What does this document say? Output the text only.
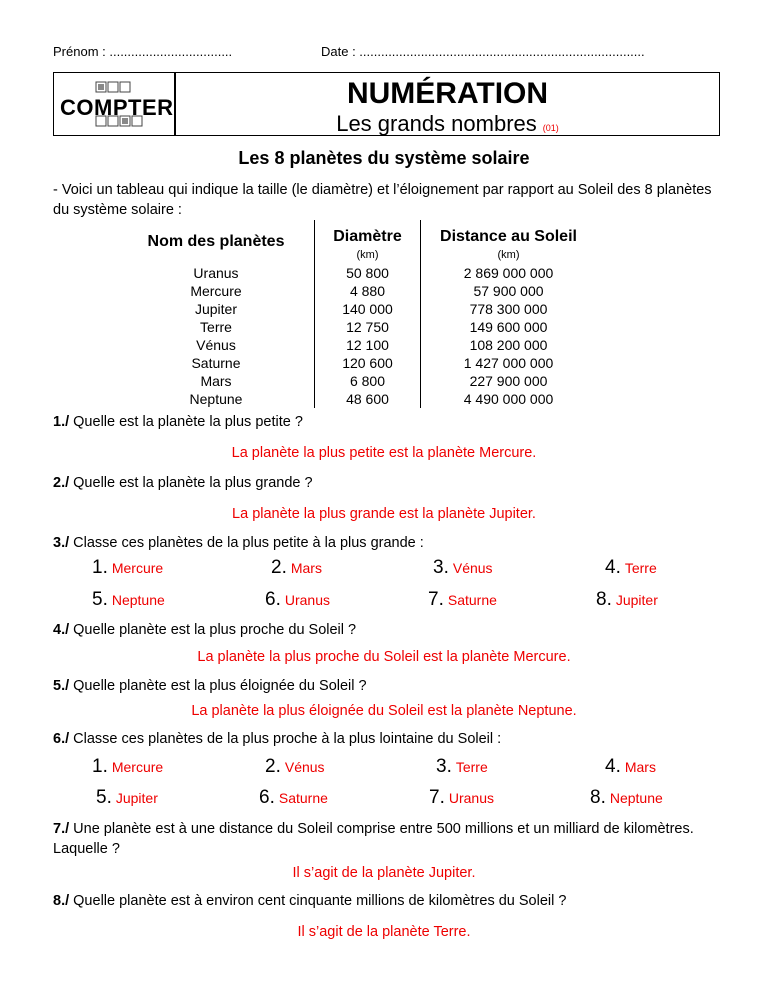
Prénom : ..................................	Date : ...............................................................................
COMPTER	NUMÉRATION
Les grands nombres (01)
Les 8 planètes du système solaire
- Voici un tableau qui indique la taille (le diamètre) et l’éloignement par rapport au Soleil des 8 planètes du système solaire :
Nom des planètes	Diamètre	Distance au Soleil
	(km)	(km)
Uranus	50 800	2 869 000 000
Mercure	4 880	57 900 000
Jupiter	140 000	778 300 000
Terre	12 750	149 600 000
Vénus	12 100	108 200 000
Saturne	120 600	1 427 000 000
Mars	6 800	227 900 000
Neptune	48 600	4 490 000 000
1./ Quelle est la planète la plus petite ?
La planète la plus petite est la planète Mercure.
2./ Quelle est la planète la plus grande ?
La planète la plus grande est la planète Jupiter.
3./ Classe ces planètes de la plus petite à la plus grande :
1. Mercure	2. Mars	3. Vénus	4. Terre
5. Neptune	6. Uranus	7. Saturne	8. Jupiter
4./ Quelle planète est la plus proche du Soleil ?
La planète la plus proche du Soleil est la planète Mercure.
5./ Quelle planète est la plus éloignée du Soleil ?
La planète la plus éloignée du Soleil est la planète Neptune.
6./ Classe ces planètes de la plus proche à la plus lointaine du Soleil :
1. Mercure	2. Vénus	3. Terre	4. Mars
5. Jupiter	6. Saturne	7. Uranus	8. Neptune
7./ Une planète est à une distance du Soleil comprise entre 500 millions et un milliard de kilomètres. Laquelle ?
Il s’agit de la planète Jupiter.
8./ Quelle planète est à environ cent cinquante millions de kilomètres du Soleil ?
Il s’agit de la planète Terre.
